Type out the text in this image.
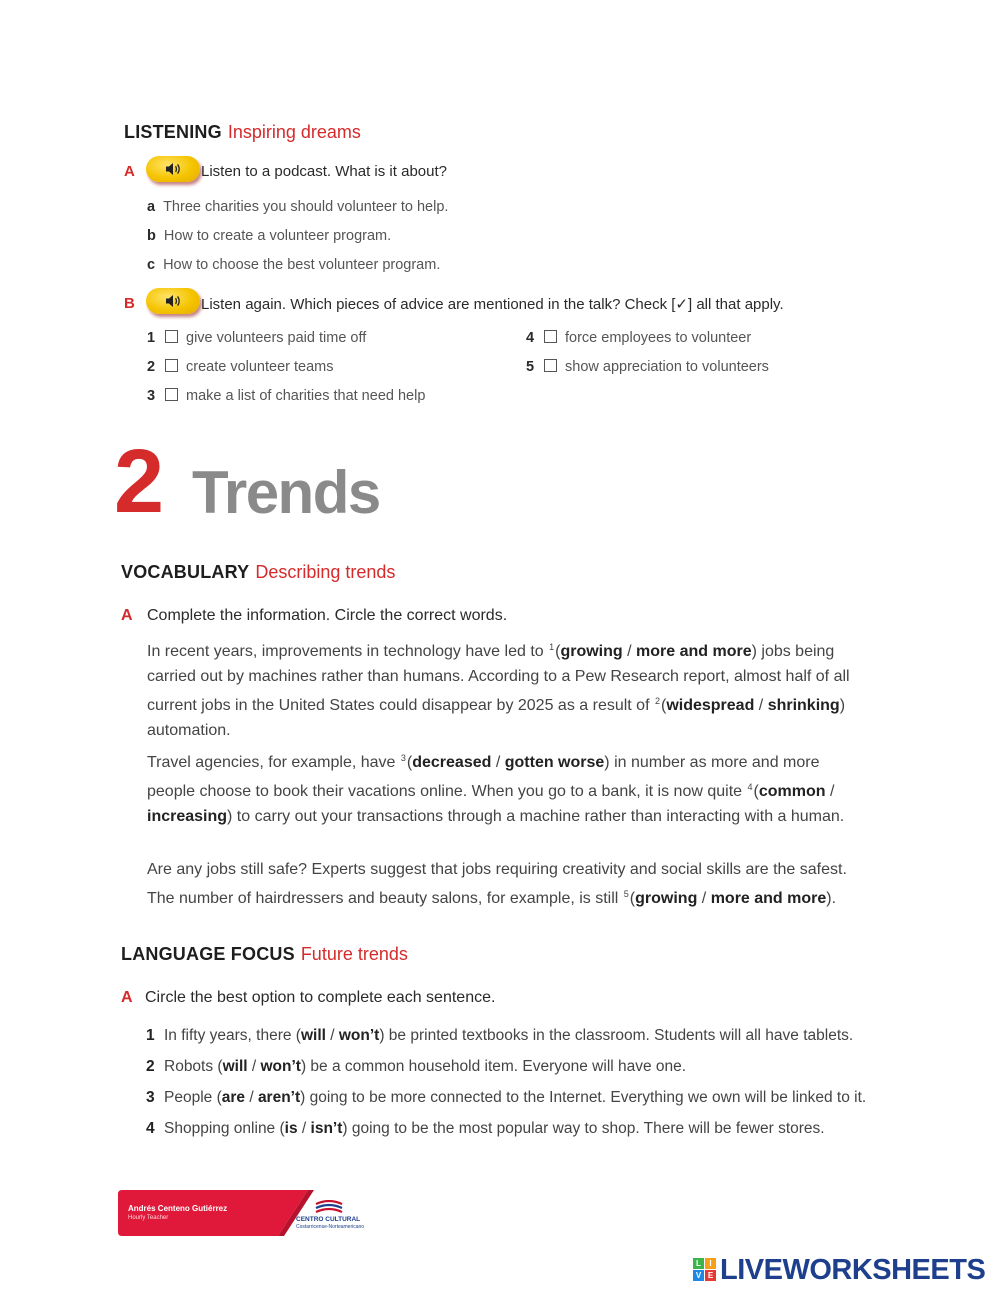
LISTENING Inspiring dreams
A	Listen to a podcast. What is it about?
a Three charities you should volunteer to help.
b How to create a volunteer program.
c How to choose the best volunteer program.
B	Listen again. Which pieces of advice are mentioned in the talk? Check [✓] all that apply.
1 give volunteers paid time off
2 create volunteer teams
3 make a list of charities that need help
4 force employees to volunteer
5 show appreciation to volunteers
2 Trends
VOCABULARY Describing trends
A Complete the information. Circle the correct words.
In recent years, improvements in technology have led to $^1$(growing / more and more) jobs being carried out by machines rather than humans. According to a Pew Research report, almost half of all current jobs in the United States could disappear by 2025 as a result of $^2$(widespread / shrinking) automation.
Travel agencies, for example, have $^3$(decreased / gotten worse) in number as more and more people choose to book their vacations online. When you go to a bank, it is now quite $^4$(common / increasing) to carry out your transactions through a machine rather than interacting with a human.
Are any jobs still safe? Experts suggest that jobs requiring creativity and social skills are the safest. The number of hairdressers and beauty salons, for example, is still $^5$(growing / more and more).
LANGUAGE FOCUS Future trends
A Circle the best option to complete each sentence.
1 In fifty years, there (will / won’t) be printed textbooks in the classroom. Students will all have tablets.
2 Robots (will / won’t) be a common household item. Everyone will have one.
3 People (are / aren’t) going to be more connected to the Internet. Everything we own will be linked to it.
4 Shopping online (is / isn’t) going to be the most popular way to shop. There will be fewer stores.
Andrés Centeno Gutiérrez
Hourly Teacher	CENTRO CULTURAL
Costarricense-Norteamericano
L	I
V E LIVEWORKSHEETS
